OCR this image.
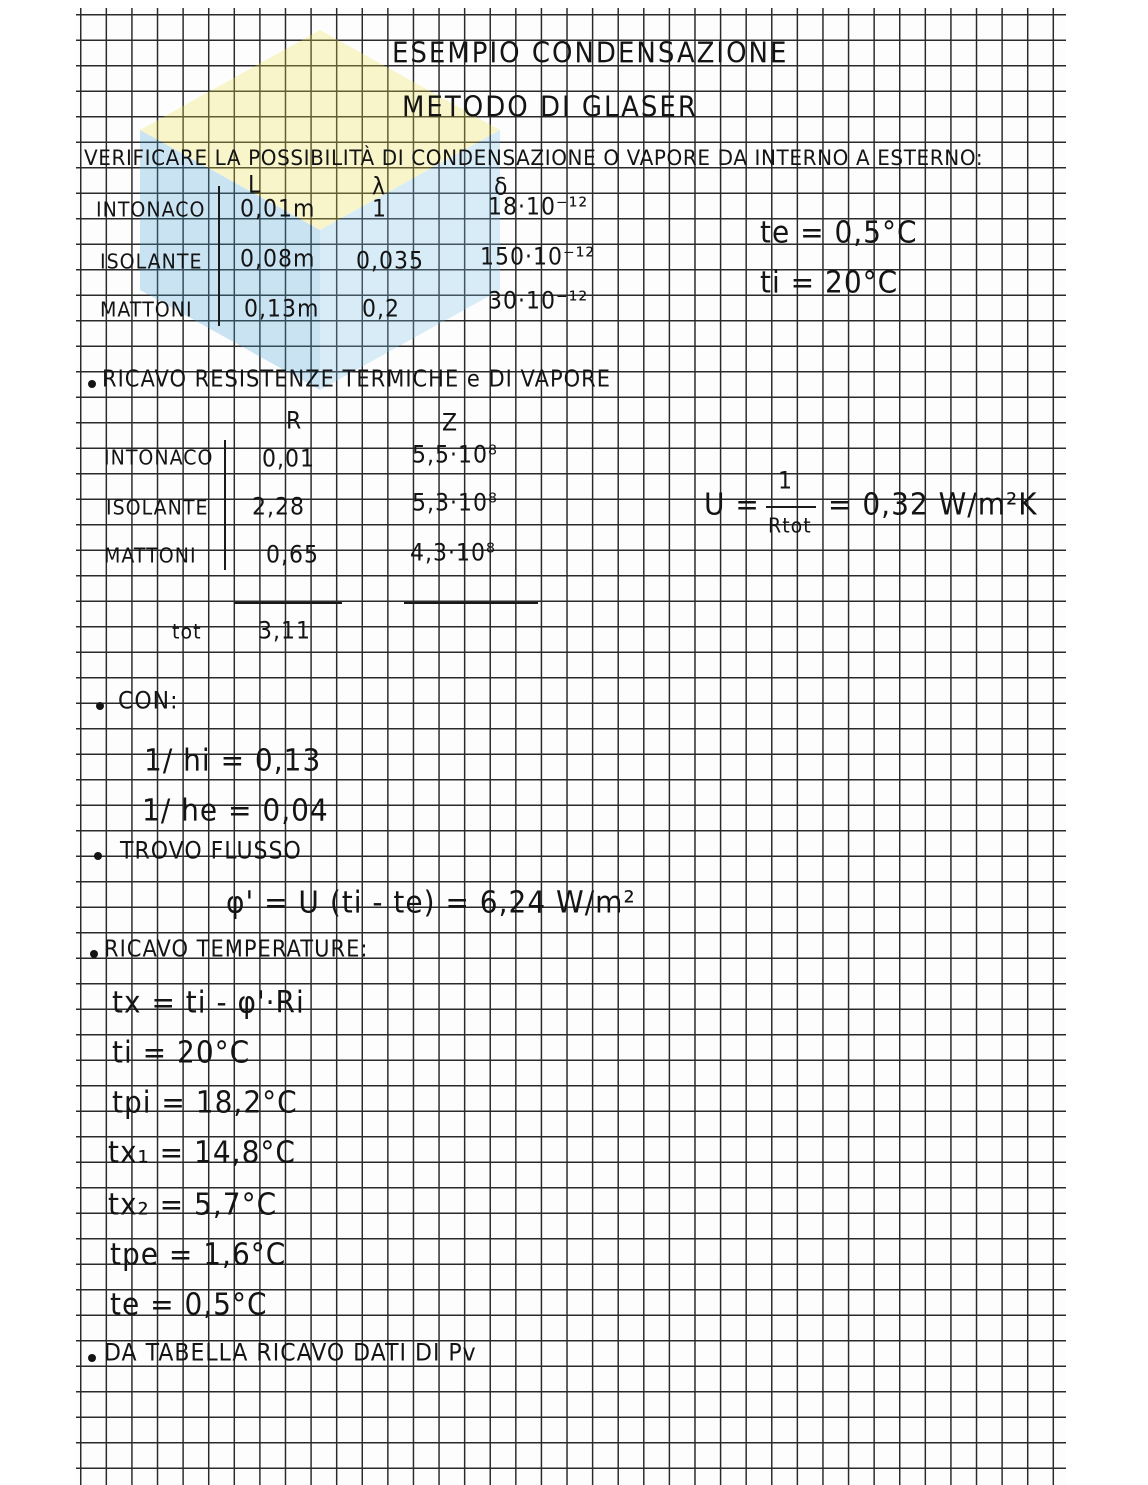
ESEMPIO CONDENSAZIONE
METODO DI GLASER
VERIFICARE LA POSSIBILITÀ DI CONDENSAZIONE O VAPORE DA INTERNO A ESTERNO:
L	λ	δ
INTONACO 0,01m	1	18·10⁻¹²
ISOLANTE 0,08m 0,035	150·10⁻¹²
MATTONI 0,13m 0,2	30·10⁻¹²
te = 0,5°C
ti = 20°C
RICAVO RESISTENZE TERMICHE e DI VAPORE
R	Z
INTONACO 0,01	5,5·10⁸
ISOLANTE 2,28	5,3·10⁸
MATTONI	0,65	4,3·10⁸
tot	3,11
U =
1
Rtot
= 0,32 W/m²K
CON:
1/ hi = 0,13
1/ he = 0,04
TROVO FLUSSO
φ' = U (ti - te) = 6,24 W/m²
RICAVO TEMPERATURE:
tx = ti - φ'·Ri
ti = 20°C
tpi = 18,2°C
tx₁ = 14,8°C
tx₂ = 5,7°C
tpe = 1,6°C
te = 0,5°C
DA TABELLA RICAVO DATI DI Pv
